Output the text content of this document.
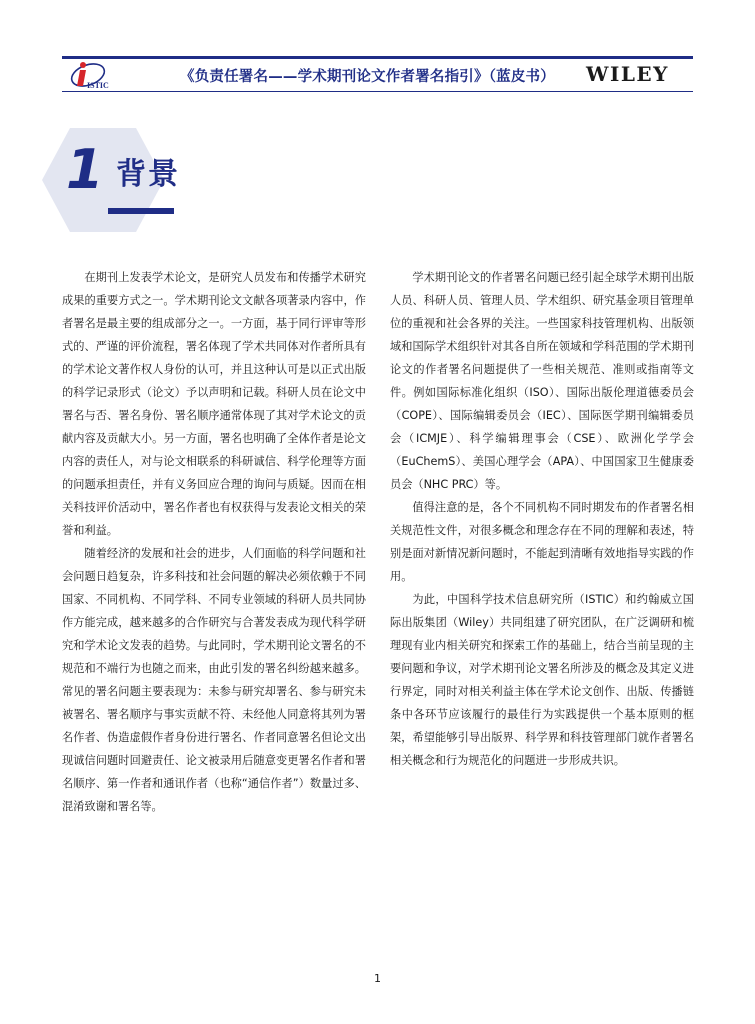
ISTIC
《负责任署名——学术期刊论文作者署名指引》（蓝皮书）	WILEY
1 背景

在期刊上发表学术论文，是研究人员发布和传播学术研究成果的重要方式之一。学术期刊论文文献各项著录内容中，作者署名是最主要的组成部分之一。一方面，基于同行评审等形式的、严谨的评价流程，署名体现了学术共同体对作者所具有的学术论文著作权人身份的认可，并且这种认可是以正式出版的科学记录形式（论文）予以声明和记载。科研人员在论文中署名与否、署名身份、署名顺序通常体现了其对学术论文的贡献内容及贡献大小。另一方面，署名也明确了全体作者是论文内容的责任人，对与论文相联系的科研诚信、科学伦理等方面的问题承担责任，并有义务回应合理的询问与质疑。因而在相关科技评价活动中，署名作者也有权获得与发表论文相关的荣誉和利益。

随着经济的发展和社会的进步，人们面临的科学问题和社会问题日趋复杂，许多科技和社会问题的解决必须依赖于不同国家、不同机构、不同学科、不同专业领域的科研人员共同协作方能完成，越来越多的合作研究与合著发表成为现代科学研究和学术论文发表的趋势。与此同时，学术期刊论文署名的不规范和不端行为也随之而来，由此引发的署名纠纷越来越多。常见的署名问题主要表现为：未参与研究却署名、参与研究未被署名、署名顺序与事实贡献不符、未经他人同意将其列为署名作者、伪造虚假作者身份进行署名、作者同意署名但论文出现诚信问题时回避责任、论文被录用后随意变更署名作者和署名顺序、第一作者和通讯作者（也称“通信作者”）数量过多、混淆致谢和署名等。

学术期刊论文的作者署名问题已经引起全球学术期刊出版人员、科研人员、管理人员、学术组织、研究基金项目管理单位的重视和社会各界的关注。一些国家科技管理机构、出版领域和国际学术组织针对其各自所在领域和学科范围的学术期刊论文的作者署名问题提供了一些相关规范、准则或指南等文件。例如国际标准化组织（ISO）、国际出版伦理道德委员会（COPE）、国际编辑委员会（IEC）、国际医学期刊编辑委员会（ICMJE）、科学编辑理事会（CSE）、欧洲化学学会（EuChemS）、美国心理学会（APA）、中国国家卫生健康委员会（NHC PRC）等。

值得注意的是，各个不同机构不同时期发布的作者署名相关规范性文件，对很多概念和理念存在不同的理解和表述，特别是面对新情况新问题时，不能起到清晰有效地指导实践的作用。

为此，中国科学技术信息研究所（ISTIC）和约翰威立国际出版集团（Wiley）共同组建了研究团队，在广泛调研和梳理现有业内相关研究和探索工作的基础上，结合当前呈现的主要问题和争议，对学术期刊论文署名所涉及的概念及其定义进行界定，同时对相关利益主体在学术论文创作、出版、传播链条中各环节应该履行的最佳行为实践提供一个基本原则的框架，希望能够引导出版界、科学界和科技管理部门就作者署名相关概念和行为规范化的问题进一步形成共识。

1
